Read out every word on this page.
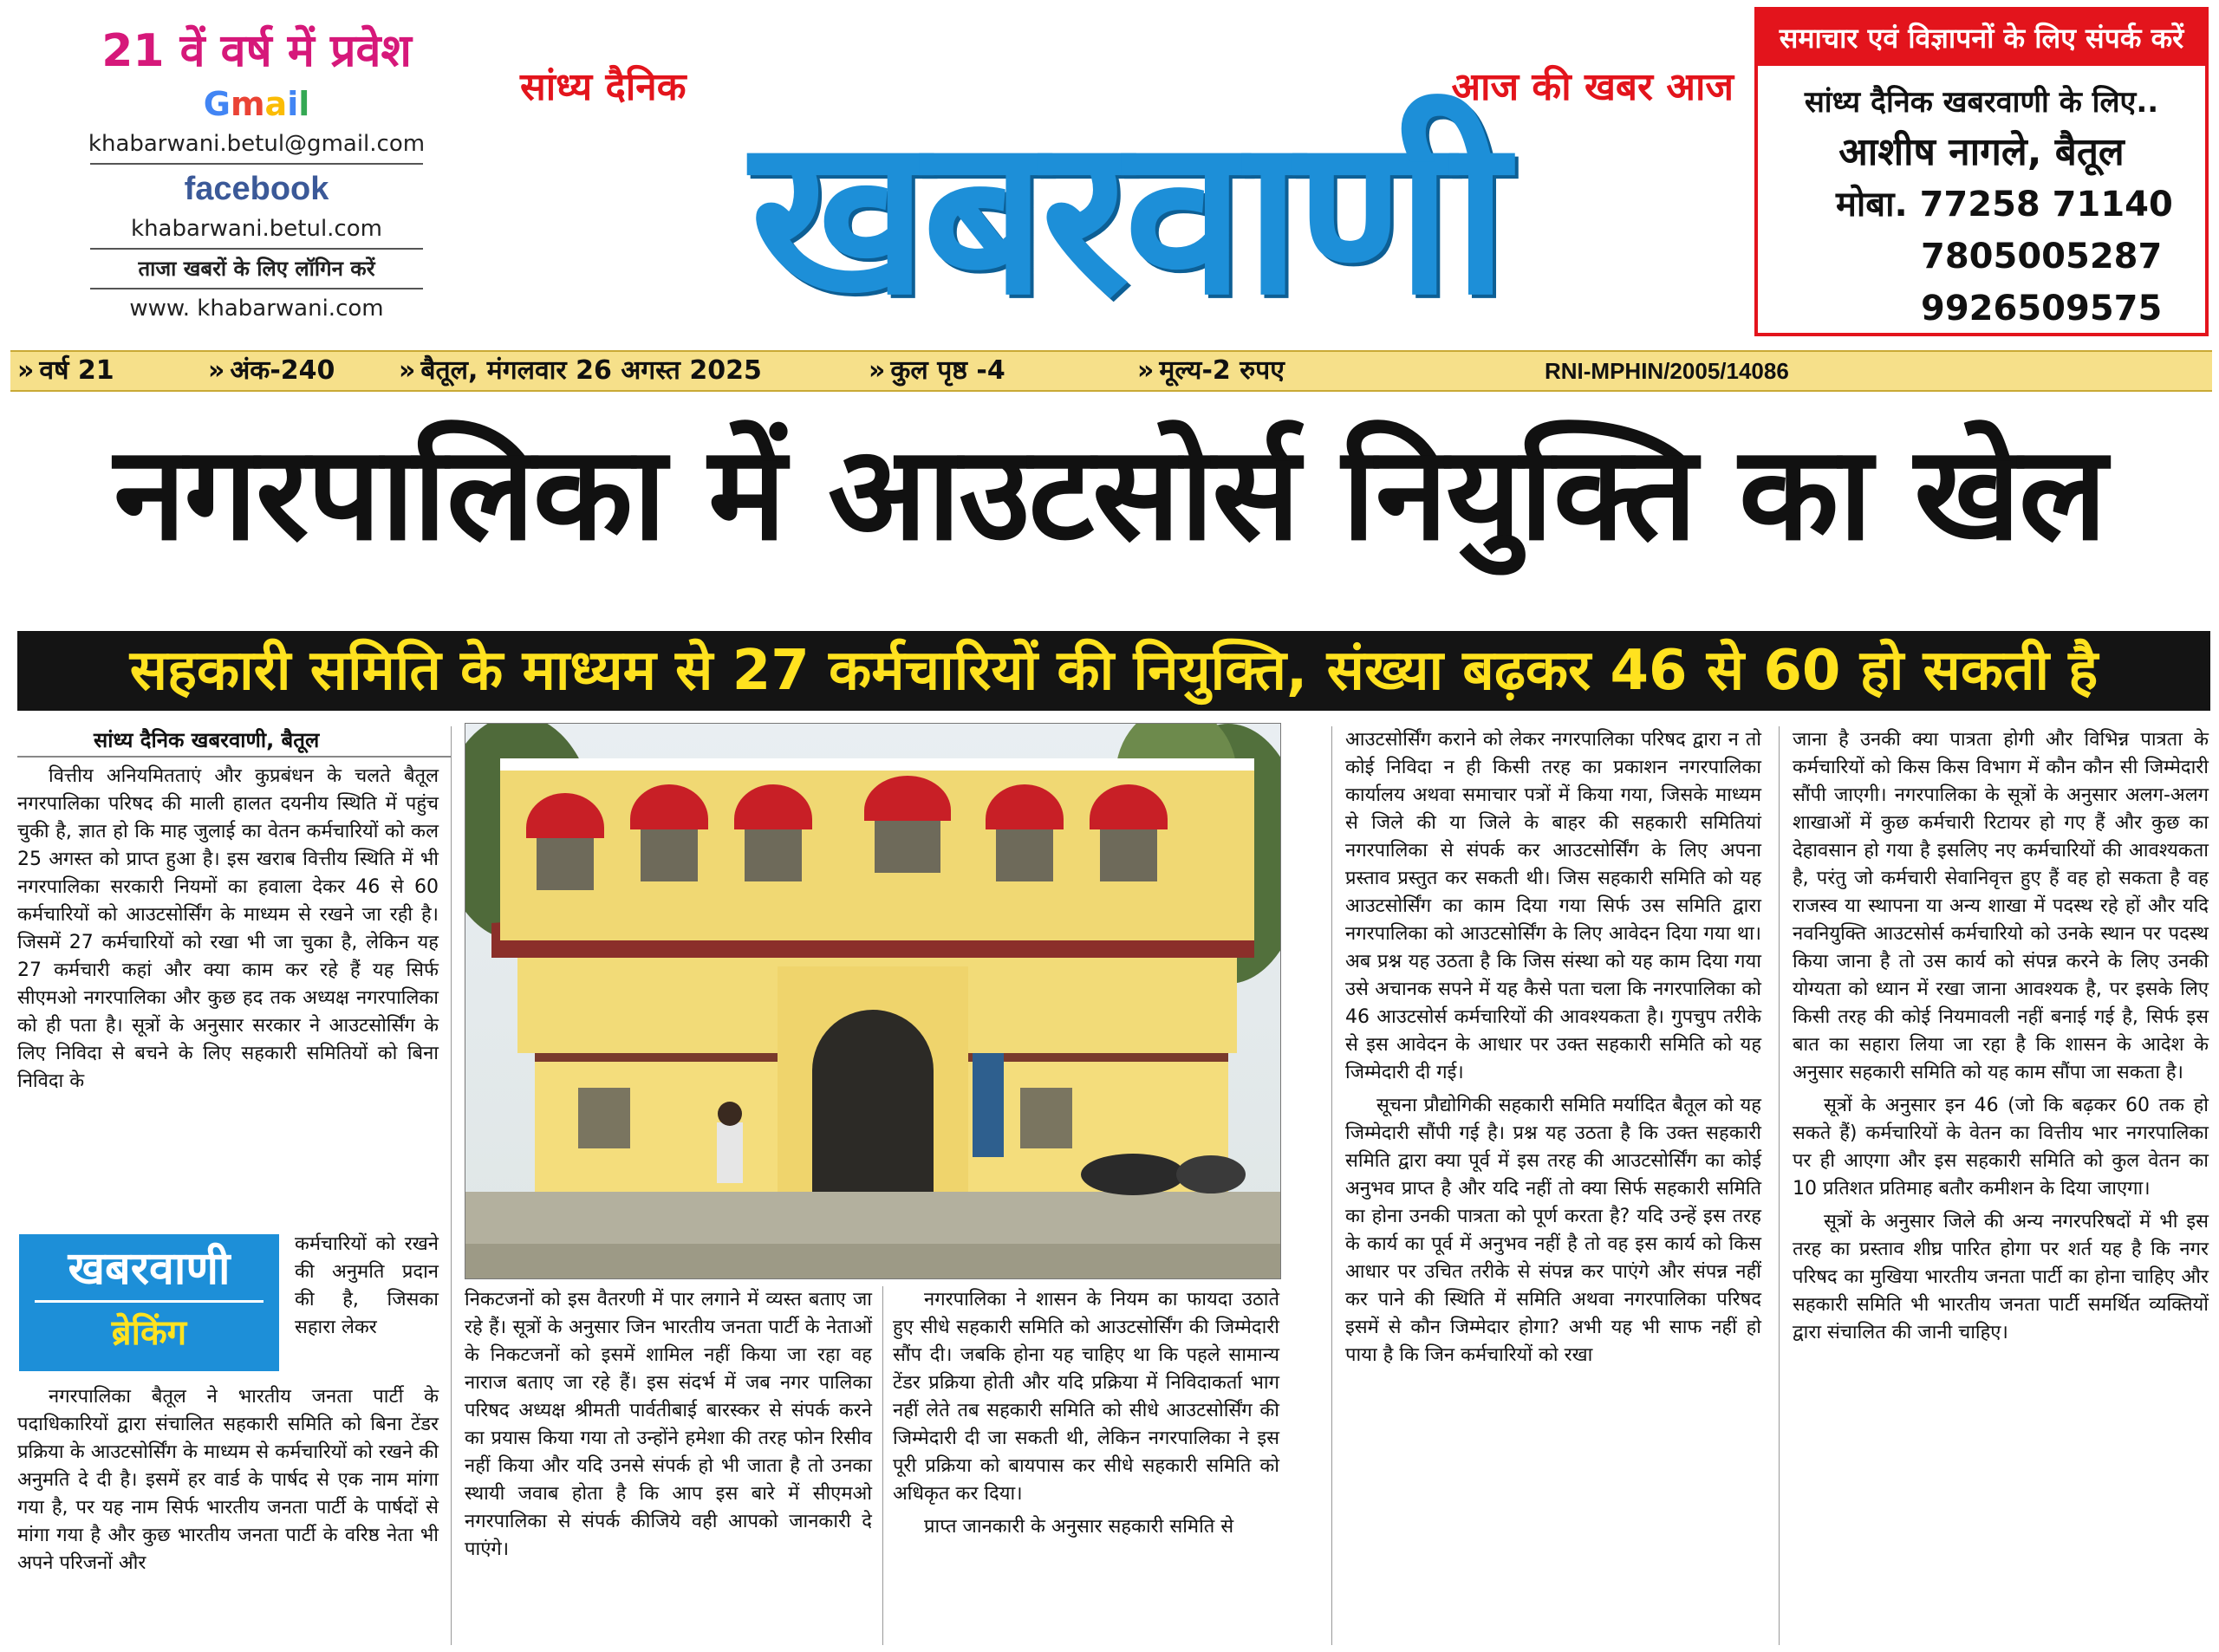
21 वें वर्ष में प्रवेश
Gmail
khabarwani.betul@gmail.com
facebook
khabarwani.betul.com
ताजा खबरों के लिए लॉगिन करें
www. khabarwani.com
सांध्य दैनिक	आज की खबर आज
खबरवाणी
समाचार एवं विज्ञापनों के लिए संपर्क करें
सांध्य दैनिक खबरवाणी के लिए..
आशीष नागले, बैतूल
मोबा. 77258 71140
7805005287
9926509575
» वर्ष 21	» अंक-240 » बैतूल, मंगलवार 26 अगस्त 2025	» कुल पृष्ठ -4	» मूल्य-2 रुपए	RNI-MPHIN/2005/14086
नगरपालिका में आउटसोर्स नियुक्ति का खेल
सहकारी समिति के माध्यम से 27 कर्मचारियों की नियुक्ति, संख्या बढ़कर 46 से 60 हो सकती है
सांध्य दैनिक खबरवाणी, बैतूल

वित्तीय अनियमितताएं और कुप्रबंधन के चलते बैतूल नगरपालिका परिषद की माली हालत दयनीय स्थिति में पहुंच चुकी है, ज्ञात हो कि माह जुलाई का वेतन कर्मचारियों को कल 25 अगस्त को प्राप्त हुआ है। इस खराब वित्तीय स्थिति में भी नगरपालिका सरकारी नियमों का हवाला देकर 46 से 60 कर्मचारियों को आउटसोर्सिंग के माध्यम से रखने जा रही है। जिसमें 27 कर्मचारियों को रखा भी जा चुका है, लेकिन यह 27 कर्मचारी कहां और क्या काम कर रहे हैं यह सिर्फ सीएमओ नगरपालिका और कुछ हद तक अध्यक्ष नगरपालिका को ही पता है। सूत्रों के अनुसार सरकार ने आउटसोर्सिंग के लिए निविदा से बचने के लिए सहकारी समितियों को बिना निविदा के

खबरवाणी
ब्रेकिंग

कर्मचारियों को रखने की अनुमति प्रदान की है, जिसका सहारा लेकर

नगरपालिका बैतूल ने भारतीय जनता पार्टी के पदाधिकारियों द्वारा संचालित सहकारी समिति को बिना टेंडर प्रक्रिया के आउटसोर्सिंग के माध्यम से कर्मचारियों को रखने की अनुमति दे दी है। इसमें हर वार्ड के पार्षद से एक नाम मांगा गया है, पर यह नाम सिर्फ भारतीय जनता पार्टी के पार्षदों से मांगा गया है और कुछ भारतीय जनता पार्टी के वरिष्ठ नेता भी अपने परिजनों और

निकटजनों को इस वैतरणी में पार लगाने में व्यस्त बताए जा रहे हैं। सूत्रों के अनुसार जिन भारतीय जनता पार्टी के नेताओं के निकटजनों को इसमें शामिल नहीं किया जा रहा वह नाराज बताए जा रहे हैं। इस संदर्भ में जब नगर पालिका परिषद अध्यक्ष श्रीमती पार्वतीबाई बारस्कर से संपर्क करने का प्रयास किया गया तो उन्होंने हमेशा की तरह फोन रिसीव नहीं किया और यदि उनसे संपर्क हो भी जाता है तो उनका स्थायी जवाब होता है कि आप इस बारे में सीएमओ नगरपालिका से संपर्क कीजिये वही आपको जानकारी दे पाएंगे।

नगरपालिका ने शासन के नियम का फायदा उठाते हुए सीधे सहकारी समिति को आउटसोर्सिंग की जिम्मेदारी सौंप दी। जबकि होना यह चाहिए था कि पहले सामान्य टेंडर प्रक्रिया होती और यदि प्रक्रिया में निविदाकर्ता भाग नहीं लेते तब सहकारी समिति को सीधे आउटसोर्सिंग की जिम्मेदारी दी जा सकती थी, लेकिन नगरपालिका ने इस पूरी प्रक्रिया को बायपास कर सीधे सहकारी समिति को अधिकृत कर दिया।

प्राप्त जानकारी के अनुसार सहकारी समिति से

आउटसोर्सिंग कराने को लेकर नगरपालिका परिषद द्वारा न तो कोई निविदा न ही किसी तरह का प्रकाशन नगरपालिका कार्यालय अथवा समाचार पत्रों में किया गया, जिसके माध्यम से जिले की या जिले के बाहर की सहकारी समितियां नगरपालिका से संपर्क कर आउटसोर्सिंग के लिए अपना प्रस्ताव प्रस्तुत कर सकती थी। जिस सहकारी समिति को यह आउटसोर्सिंग का काम दिया गया सिर्फ उस समिति द्वारा नगरपालिका को आउटसोर्सिंग के लिए आवेदन दिया गया था। अब प्रश्न यह उठता है कि जिस संस्था को यह काम दिया गया उसे अचानक सपने में यह कैसे पता चला कि नगरपालिका को 46 आउटसोर्स कर्मचारियों की आवश्यकता है। गुपचुप तरीके से इस आवेदन के आधार पर उक्त सहकारी समिति को यह जिम्मेदारी दी गई।

सूचना प्रौद्योगिकी सहकारी समिति मर्यादित बैतूल को यह जिम्मेदारी सौंपी गई है। प्रश्न यह उठता है कि उक्त सहकारी समिति द्वारा क्या पूर्व में इस तरह की आउटसोर्सिंग का कोई अनुभव प्राप्त है और यदि नहीं तो क्या सिर्फ सहकारी समिति का होना उनकी पात्रता को पूर्ण करता है? यदि उन्हें इस तरह के कार्य का पूर्व में अनुभव नहीं है तो वह इस कार्य को किस आधार पर उचित तरीके से संपन्न कर पाएंगे और संपन्न नहीं कर पाने की स्थिति में समिति अथवा नगरपालिका परिषद इसमें से कौन जिम्मेदार होगा? अभी यह भी साफ नहीं हो पाया है कि जिन कर्मचारियों को रखा

जाना है उनकी क्या पात्रता होगी और विभिन्न पात्रता के कर्मचारियों को किस किस विभाग में कौन कौन सी जिम्मेदारी सौंपी जाएगी। नगरपालिका के सूत्रों के अनुसार अलग-अलग शाखाओं में कुछ कर्मचारी रिटायर हो गए हैं और कुछ का देहावसान हो गया है इसलिए नए कर्मचारियों की आवश्यकता है, परंतु जो कर्मचारी सेवानिवृत्त हुए हैं वह हो सकता है वह राजस्व या स्थापना या अन्य शाखा में पदस्थ रहे हों और यदि नवनियुक्ति आउटसोर्स कर्मचारियो को उनके स्थान पर पदस्थ किया जाना है तो उस कार्य को संपन्न करने के लिए उनकी योग्यता को ध्यान में रखा जाना आवश्यक है, पर इसके लिए किसी तरह की कोई नियमावली नहीं बनाई गई है, सिर्फ इस बात का सहारा लिया जा रहा है कि शासन के आदेश के अनुसार सहकारी समिति को यह काम सौंपा जा सकता है।

सूत्रों के अनुसार इन 46 (जो कि बढ़कर 60 तक हो सकते हैं) कर्मचारियों के वेतन का वित्तीय भार नगरपालिका पर ही आएगा और इस सहकारी समिति को कुल वेतन का 10 प्रतिशत प्रतिमाह बतौर कमीशन के दिया जाएगा।

सूत्रों के अनुसार जिले की अन्य नगरपरिषदों में भी इस तरह का प्रस्ताव शीघ्र पारित होगा पर शर्त यह है कि नगर परिषद का मुखिया भारतीय जनता पार्टी का होना चाहिए और सहकारी समिति भी भारतीय जनता पार्टी समर्थित व्यक्तियों द्वारा संचालित की जानी चाहिए।
